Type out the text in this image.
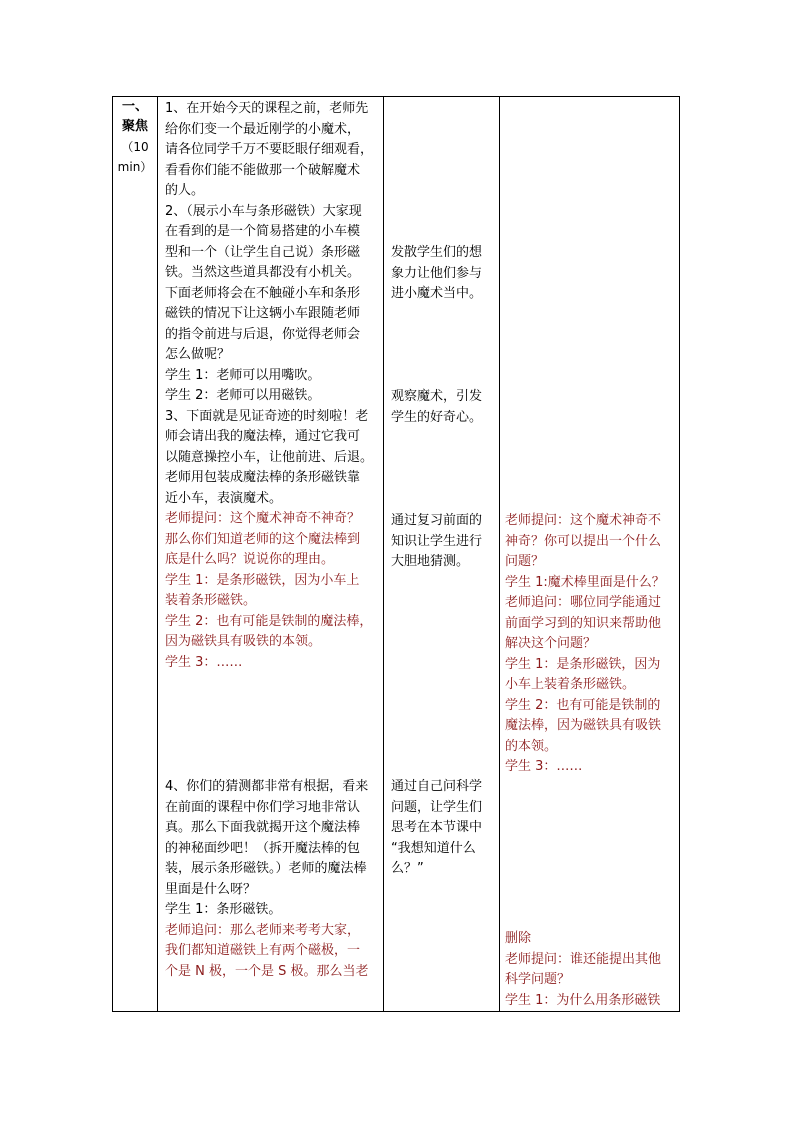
一、
聚焦
（10
min）

1、在开始今天的课程之前，老师先

给你们变一个最近刚学的小魔术，

请各位同学千万不要眨眼仔细观看，

看看你们能不能做那一个破解魔术

的人。

2、（展示小车与条形磁铁）大家现

在看到的是一个简易搭建的小车模

型和一个（让学生自己说）条形磁

铁。当然这些道具都没有小机关。

下面老师将会在不触碰小车和条形

磁铁的情况下让这辆小车跟随老师

的指令前进与后退，你觉得老师会

怎么做呢？

学生 1：老师可以用嘴吹。

学生 2：老师可以用磁铁。

3、下面就是见证奇迹的时刻啦！老

师会请出我的魔法棒，通过它我可

以随意操控小车，让他前进、后退。

老师用包装成魔法棒的条形磁铁靠

近小车，表演魔术。

老师提问：这个魔术神奇不神奇？

那么你们知道老师的这个魔法棒到

底是什么吗？说说你的理由。

学生 1：是条形磁铁，因为小车上

装着条形磁铁。

学生 2：也有可能是铁制的魔法棒，

因为磁铁具有吸铁的本领。

学生 3：……

4、你们的猜测都非常有根据，看来

在前面的课程中你们学习地非常认

真。那么下面我就揭开这个魔法棒

的神秘面纱吧！（拆开魔法棒的包

装，展示条形磁铁。）老师的魔法棒

里面是什么呀？

学生 1：条形磁铁。

老师追问：那么老师来考考大家，

我们都知道磁铁上有两个磁极，一

个是 N 极，一个是 S 极。那么当老

发散学生们的想

象力让他们参与

进小魔术当中。

观察魔术，引发

学生的好奇心。

通过复习前面的

知识让学生进行

大胆地猜测。

通过自己问科学

问题，让学生们

思考在本节课中

“我想知道什么

么？”

老师提问：这个魔术神奇不

神奇？你可以提出一个什么

问题？

学生 1:魔术棒里面是什么？

老师追问：哪位同学能通过

前面学习到的知识来帮助他

解决这个问题？

学生 1：是条形磁铁，因为

小车上装着条形磁铁。

学生 2：也有可能是铁制的

魔法棒，因为磁铁具有吸铁

的本领。

学生 3：……

删除

老师提问：谁还能提出其他

科学问题？

学生 1：为什么用条形磁铁
